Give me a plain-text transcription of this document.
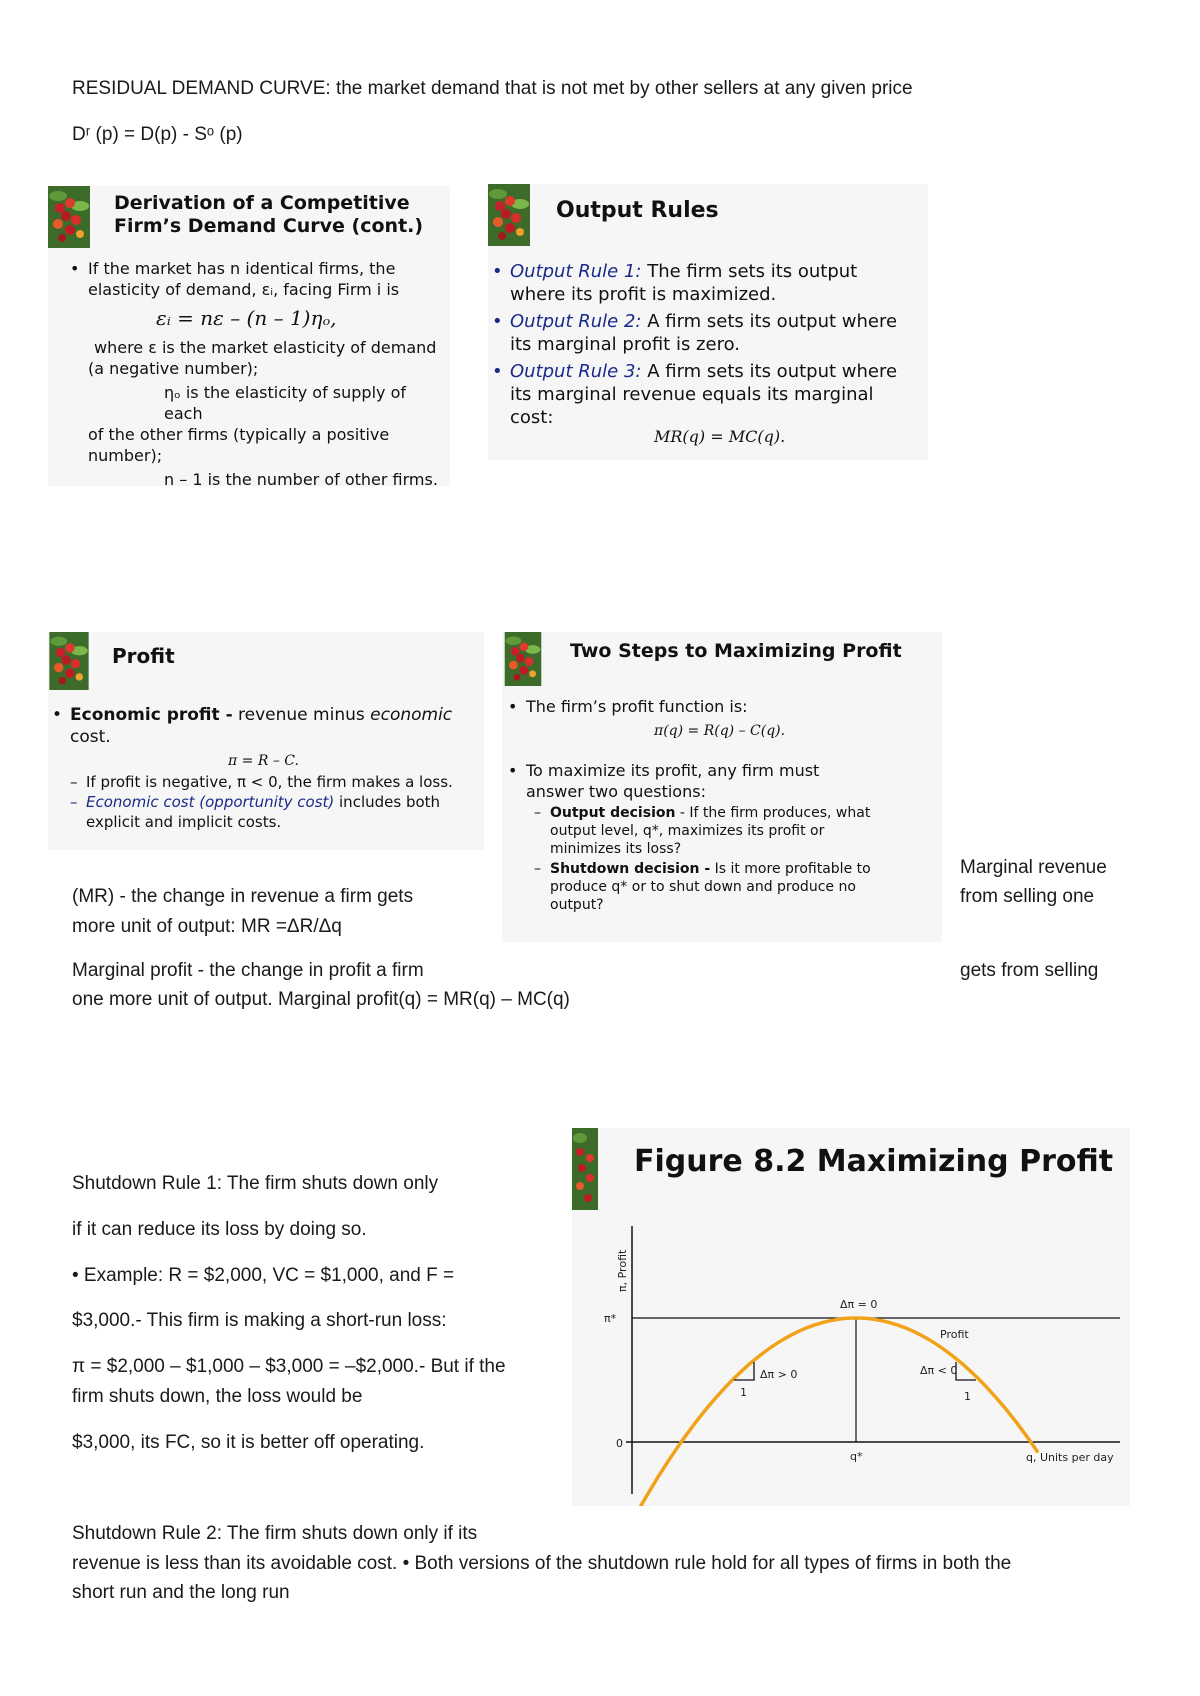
RESIDUAL DEMAND CURVE: the market demand that is not met by other sellers at any given price
Dʳ (p) = D(p) - Sᵒ (p)
Derivation of a Competitive
Firm’s Demand Curve (cont.)
• If the market has n identical firms, the
elasticity of demand, εᵢ, facing Firm i is
εᵢ = nε – (n – 1)ηₒ,
where ε is the market elasticity of demand
(a negative number);
ηₒ is the elasticity of supply of each
of the other firms (typically a positive
number);
n – 1 is the number of other firms.
Output Rules
• Output Rule 1: The firm sets its output
where its profit is maximized.
• Output Rule 2: A firm sets its output where
its marginal profit is zero.
• Output Rule 3: A firm sets its output where
its marginal revenue equals its marginal
cost:
MR(q) = MC(q).
Profit
• Economic profit - revenue minus economic
cost.
π = R – C.
– If profit is negative, π < 0, the firm makes a loss.
– Economic cost (opportunity cost) includes both
explicit and implicit costs.
Two Steps to Maximizing Profit
• The firm’s profit function is:
π(q) = R(q) – C(q).
• To maximize its profit, any firm must
answer two questions:
– Output decision - If the firm produces, what
output level, q*, maximizes its profit or
minimizes its loss?
– Shutdown decision - Is it more profitable to
produce q* or to shut down and produce no
output?
(MR) - the change in revenue a firm gets
more unit of output: MR =ΔR/Δq
Marginal revenue
from selling one
Marginal profit - the change in profit a firm	gets from selling
one more unit of output. Marginal profit(q) = MR(q) – MC(q)
Shutdown Rule 1: The firm shuts down only
if it can reduce its loss by doing so.
• Example: R = $2,000, VC = $1,000, and F =
$3,000.- This firm is making a short-run loss:
π = $2,000 – $1,000 – $3,000 = –$2,000.- But if the
firm shuts down, the loss would be
$3,000, its FC, so it is better off operating.
Figure 8.2 Maximizing Profit
Δπ = 0
Δπ > 0	Δπ < 0
1	1
Profit
π*
0
q*	q, Units per day
π, Profit
Shutdown Rule 2: The firm shuts down only if its
revenue is less than its avoidable cost. • Both versions of the shutdown rule hold for all types of firms in both the
short run and the long run
